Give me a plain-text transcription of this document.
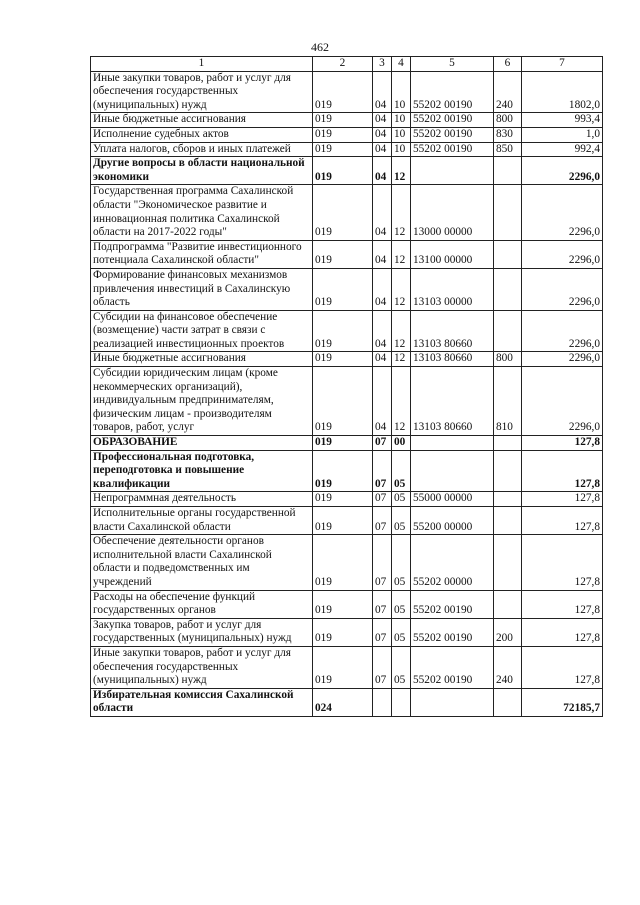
462
1	2	3	4	5	6	7
Иные закупки товаров, работ и услуг для обеспечения государственных (муниципальных) нужд	019	04	10	55202 00190	240	1802,0
Иные бюджетные ассигнования	019	04	10	55202 00190	800	993,4
Исполнение судебных актов	019	04	10	55202 00190	830	1,0
Уплата налогов, сборов и иных платежей	019	04	10	55202 00190	850	992,4
Другие вопросы в области национальной экономики	019	04	12			2296,0
Государственная программа Сахалинской области "Экономическое развитие и инновационная политика Сахалинской области на 2017-2022 годы"	019	04	12	13000 00000		2296,0
Подпрограмма "Развитие инвестиционного потенциала Сахалинской области"	019	04	12	13100 00000		2296,0
Формирование финансовых механизмов привлечения инвестиций в Сахалинскую область	019	04	12	13103 00000		2296,0
Субсидии на финансовое обеспечение (возмещение) части затрат в связи с реализацией инвестиционных проектов	019	04	12	13103 80660		2296,0
Иные бюджетные ассигнования	019	04	12	13103 80660	800	2296,0
Субсидии юридическим лицам (кроме некоммерческих организаций), индивидуальным предпринимателям, физическим лицам - производителям товаров, работ, услуг	019	04	12	13103 80660	810	2296,0
ОБРАЗОВАНИЕ	019	07	00			127,8
Профессиональная подготовка, переподготовка и повышение квалификации	019	07	05			127,8
Непрограммная деятельность	019	07	05	55000 00000		127,8
Исполнительные органы государственной власти Сахалинской области	019	07	05	55200 00000		127,8
Обеспечение деятельности органов исполнительной власти Сахалинской области и подведомственных им учреждений	019	07	05	55202 00000		127,8
Расходы на обеспечение функций государственных органов	019	07	05	55202 00190		127,8
Закупка товаров, работ и услуг для государственных (муниципальных) нужд	019	07	05	55202 00190	200	127,8
Иные закупки товаров, работ и услуг для обеспечения государственных (муниципальных) нужд	019	07	05	55202 00190	240	127,8
Избирательная комиссия Сахалинской области	024					72185,7
